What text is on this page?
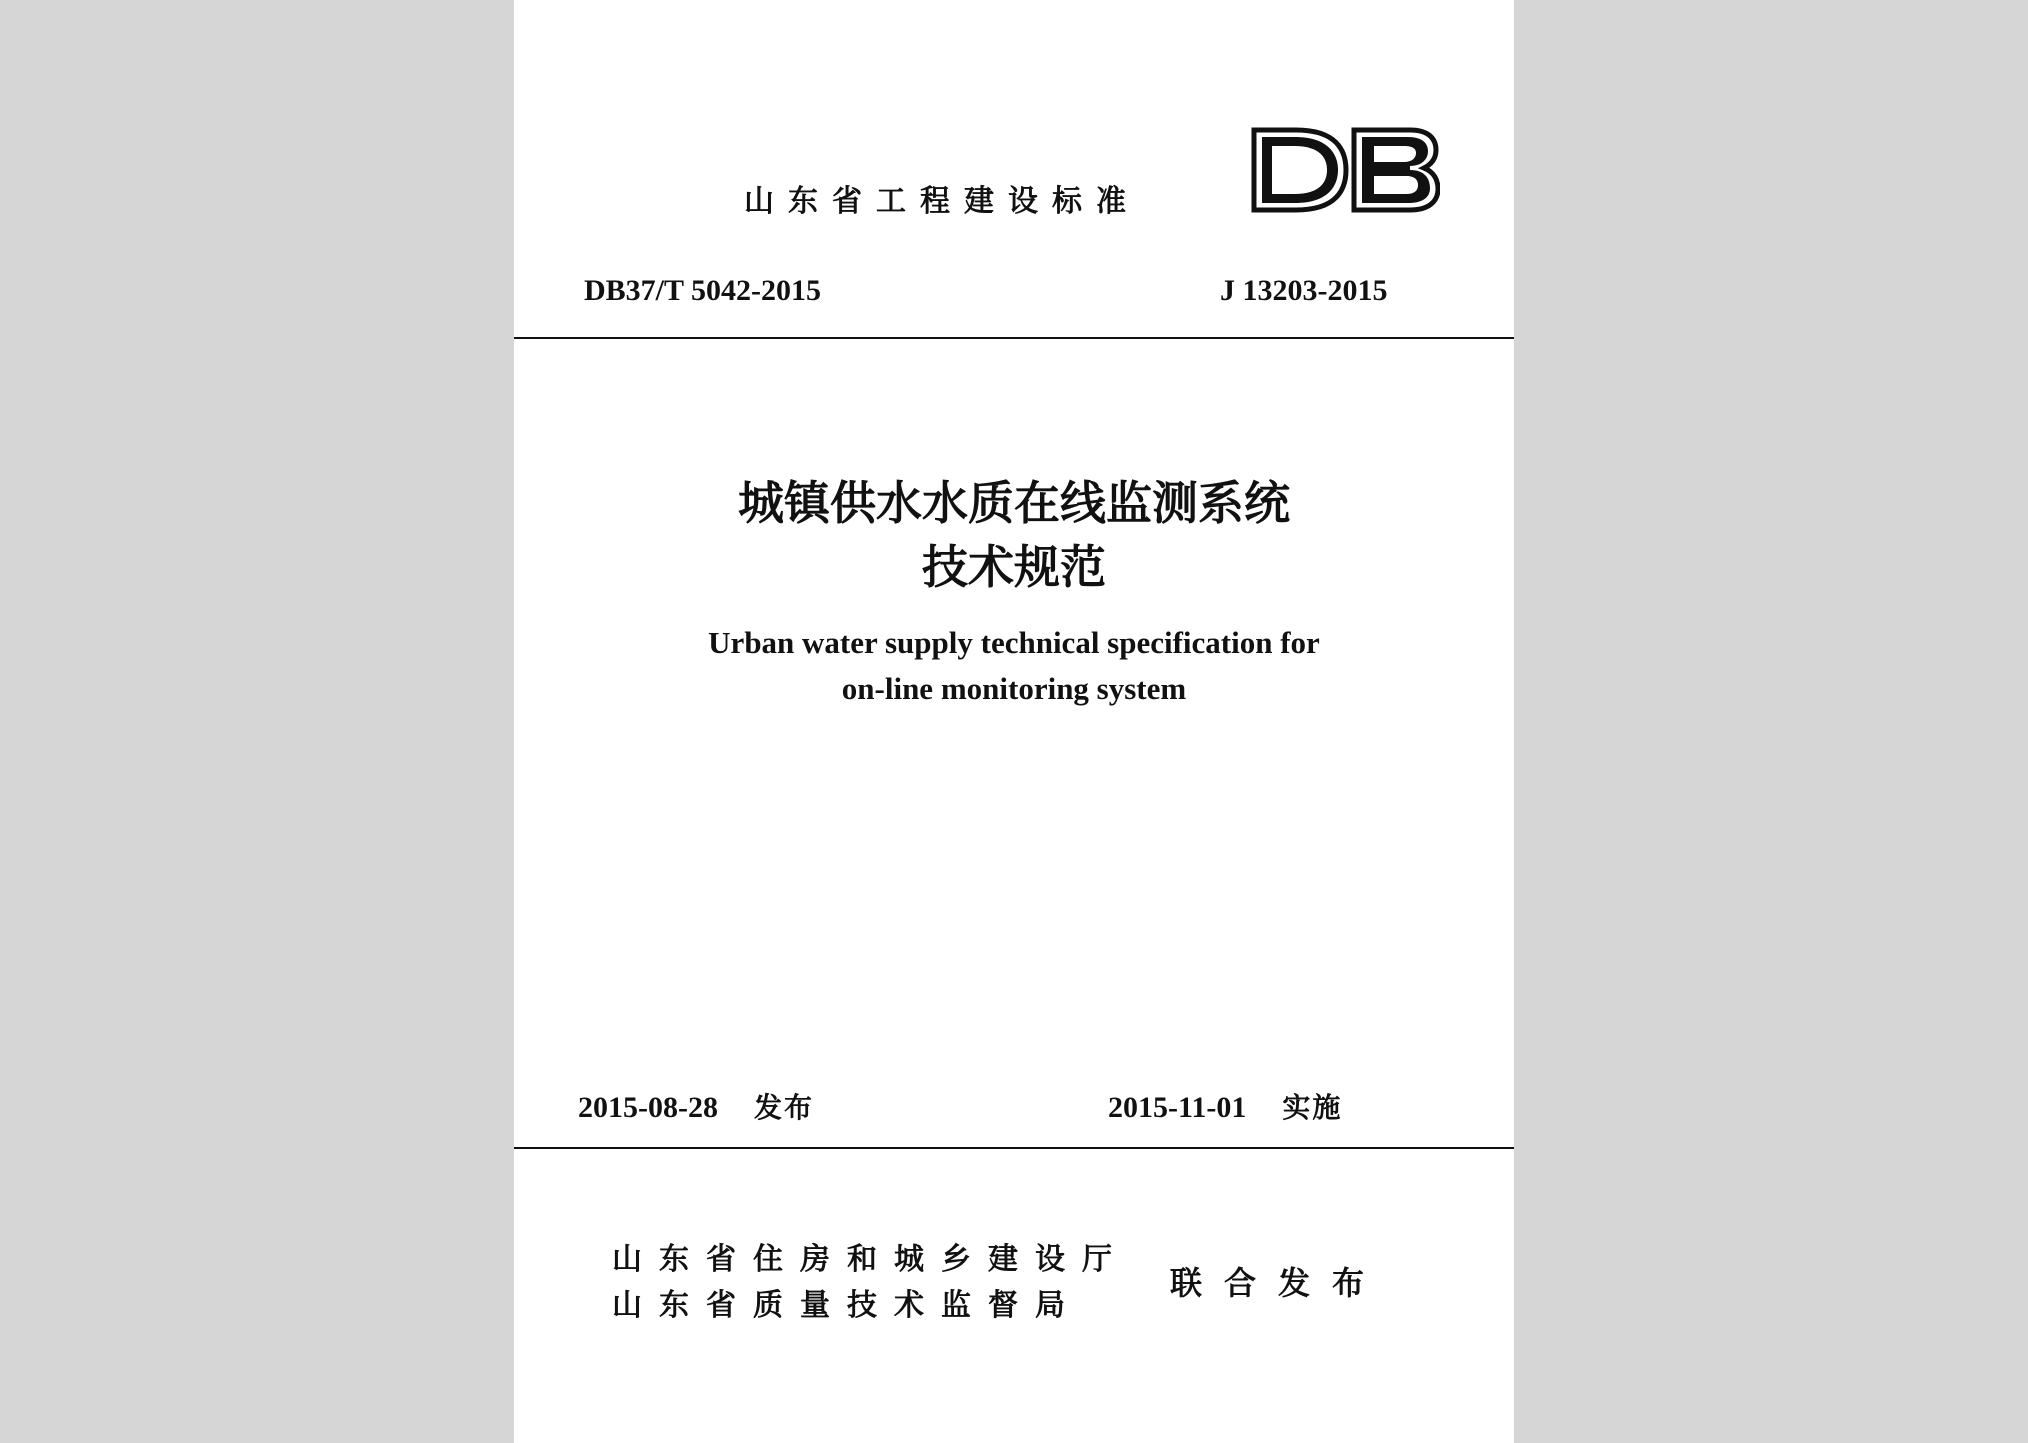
山东省工程建设标准
DB37/T 5042-2015	J 13203-2015
城镇供水水质在线监测系统
技术规范
Urban water supply technical specification for
on-line monitoring system
2015-08-28 发布	2015-11-01 实施
山东省住房和城乡建设厅
山东省质量技术监督局
联合发布
